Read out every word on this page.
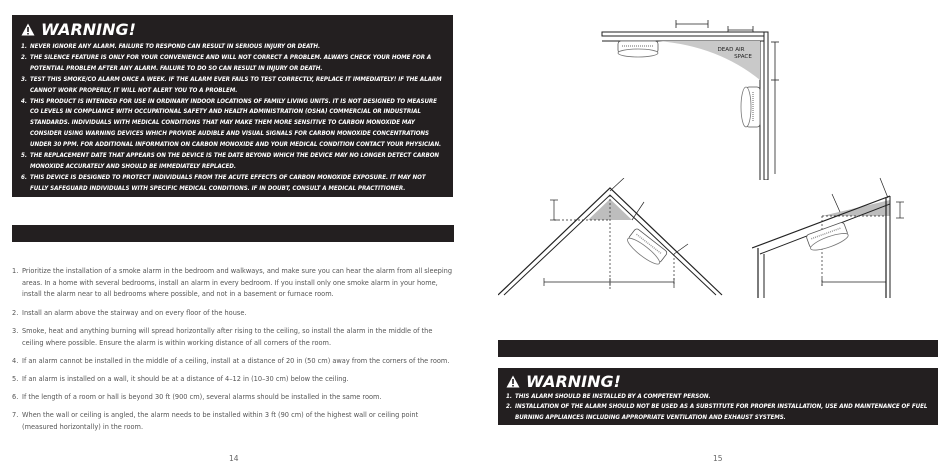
WARNING!
1. NEVER IGNORE ANY ALARM. FAILURE TO RESPOND CAN RESULT IN SERIOUS INJURY OR DEATH.
2. THE SILENCE FEATURE IS ONLY FOR YOUR CONVENIENCE AND WILL NOT CORRECT A PROBLEM. ALWAYS CHECK YOUR HOME FOR A POTENTIAL PROBLEM AFTER ANY ALARM. FAILURE TO DO SO CAN RESULT IN INJURY OR DEATH.
3. TEST THIS SMOKE/CO ALARM ONCE A WEEK. IF THE ALARM EVER FAILS TO TEST CORRECTLY, REPLACE IT IMMEDIATELY! IF THE ALARM CANNOT WORK PROPERLY, IT WILL NOT ALERT YOU TO A PROBLEM.
4. THIS PRODUCT IS INTENDED FOR USE IN ORDINARY INDOOR LOCATIONS OF FAMILY LIVING UNITS. IT IS NOT DESIGNED TO MEASURE CO LEVELS IN COMPLIANCE WITH OCCUPATIONAL SAFETY AND HEALTH ADMINISTRATION (OSHA) COMMERCIAL OR INDUSTRIAL STANDARDS. INDIVIDUALS WITH MEDICAL CONDITIONS THAT MAY MAKE THEM MORE SENSITIVE TO CARBON MONOXIDE MAY CONSIDER USING WARNING DEVICES WHICH PROVIDE AUDIBLE AND VISUAL SIGNALS FOR CARBON MONOXIDE CONCENTRATIONS UNDER 30 PPM. FOR ADDITIONAL INFORMATION ON CARBON MONOXIDE AND YOUR MEDICAL CONDITION CONTACT YOUR PHYSICIAN.
5. THE REPLACEMENT DATE THAT APPEARS ON THE DEVICE IS THE DATE BEYOND WHICH THE DEVICE MAY NO LONGER DETECT CARBON MONOXIDE ACCURATELY AND SHOULD BE IMMEDIATELY REPLACED.
6. THIS DEVICE IS DESIGNED TO PROTECT INDIVIDUALS FROM THE ACUTE EFFECTS OF CARBON MONOXIDE EXPOSURE. IT MAY NOT FULLY SAFEGUARD INDIVIDUALS WITH SPECIFIC MEDICAL CONDITIONS. IF IN DOUBT, CONSULT A MEDICAL PRACTITIONER.
1. Prioritize the installation of a smoke alarm in the bedroom and walkways, and make sure you can hear the alarm from all sleeping areas. In a home with several bedrooms, install an alarm in every bedroom. If you install only one smoke alarm in your home, install the alarm near to all bedrooms where possible, and not in a basement or furnace room.
2. Install an alarm above the stairway and on every floor of the house.
3. Smoke, heat and anything burning will spread horizontally after rising to the ceiling, so install the alarm in the middle of the ceiling where possible. Ensure the alarm is within working distance of all corners of the room.
4. If an alarm cannot be installed in the middle of a ceiling, install at a distance of 20 in (50 cm) away from the corners of the room.
5. If an alarm is installed on a wall, it should be at a distance of 4–12 in (10–30 cm) below the ceiling.
6. If the length of a room or hall is beyond 30 ft (900 cm), several alarms should be installed in the same room.
7. When the wall or ceiling is angled, the alarm needs to be installed within 3 ft (90 cm) of the highest wall or ceiling point (measured horizontally) in the room.
14
DEAD AIR
SPACE
WARNING!
1. THIS ALARM SHOULD BE INSTALLED BY A COMPETENT PERSON.
2. INSTALLATION OF THE ALARM SHOULD NOT BE USED AS A SUBSTITUTE FOR PROPER INSTALLATION, USE AND MAINTENANCE OF FUEL BURNING APPLIANCES INCLUDING APPROPRIATE VENTILATION AND EXHAUST SYSTEMS.
15
